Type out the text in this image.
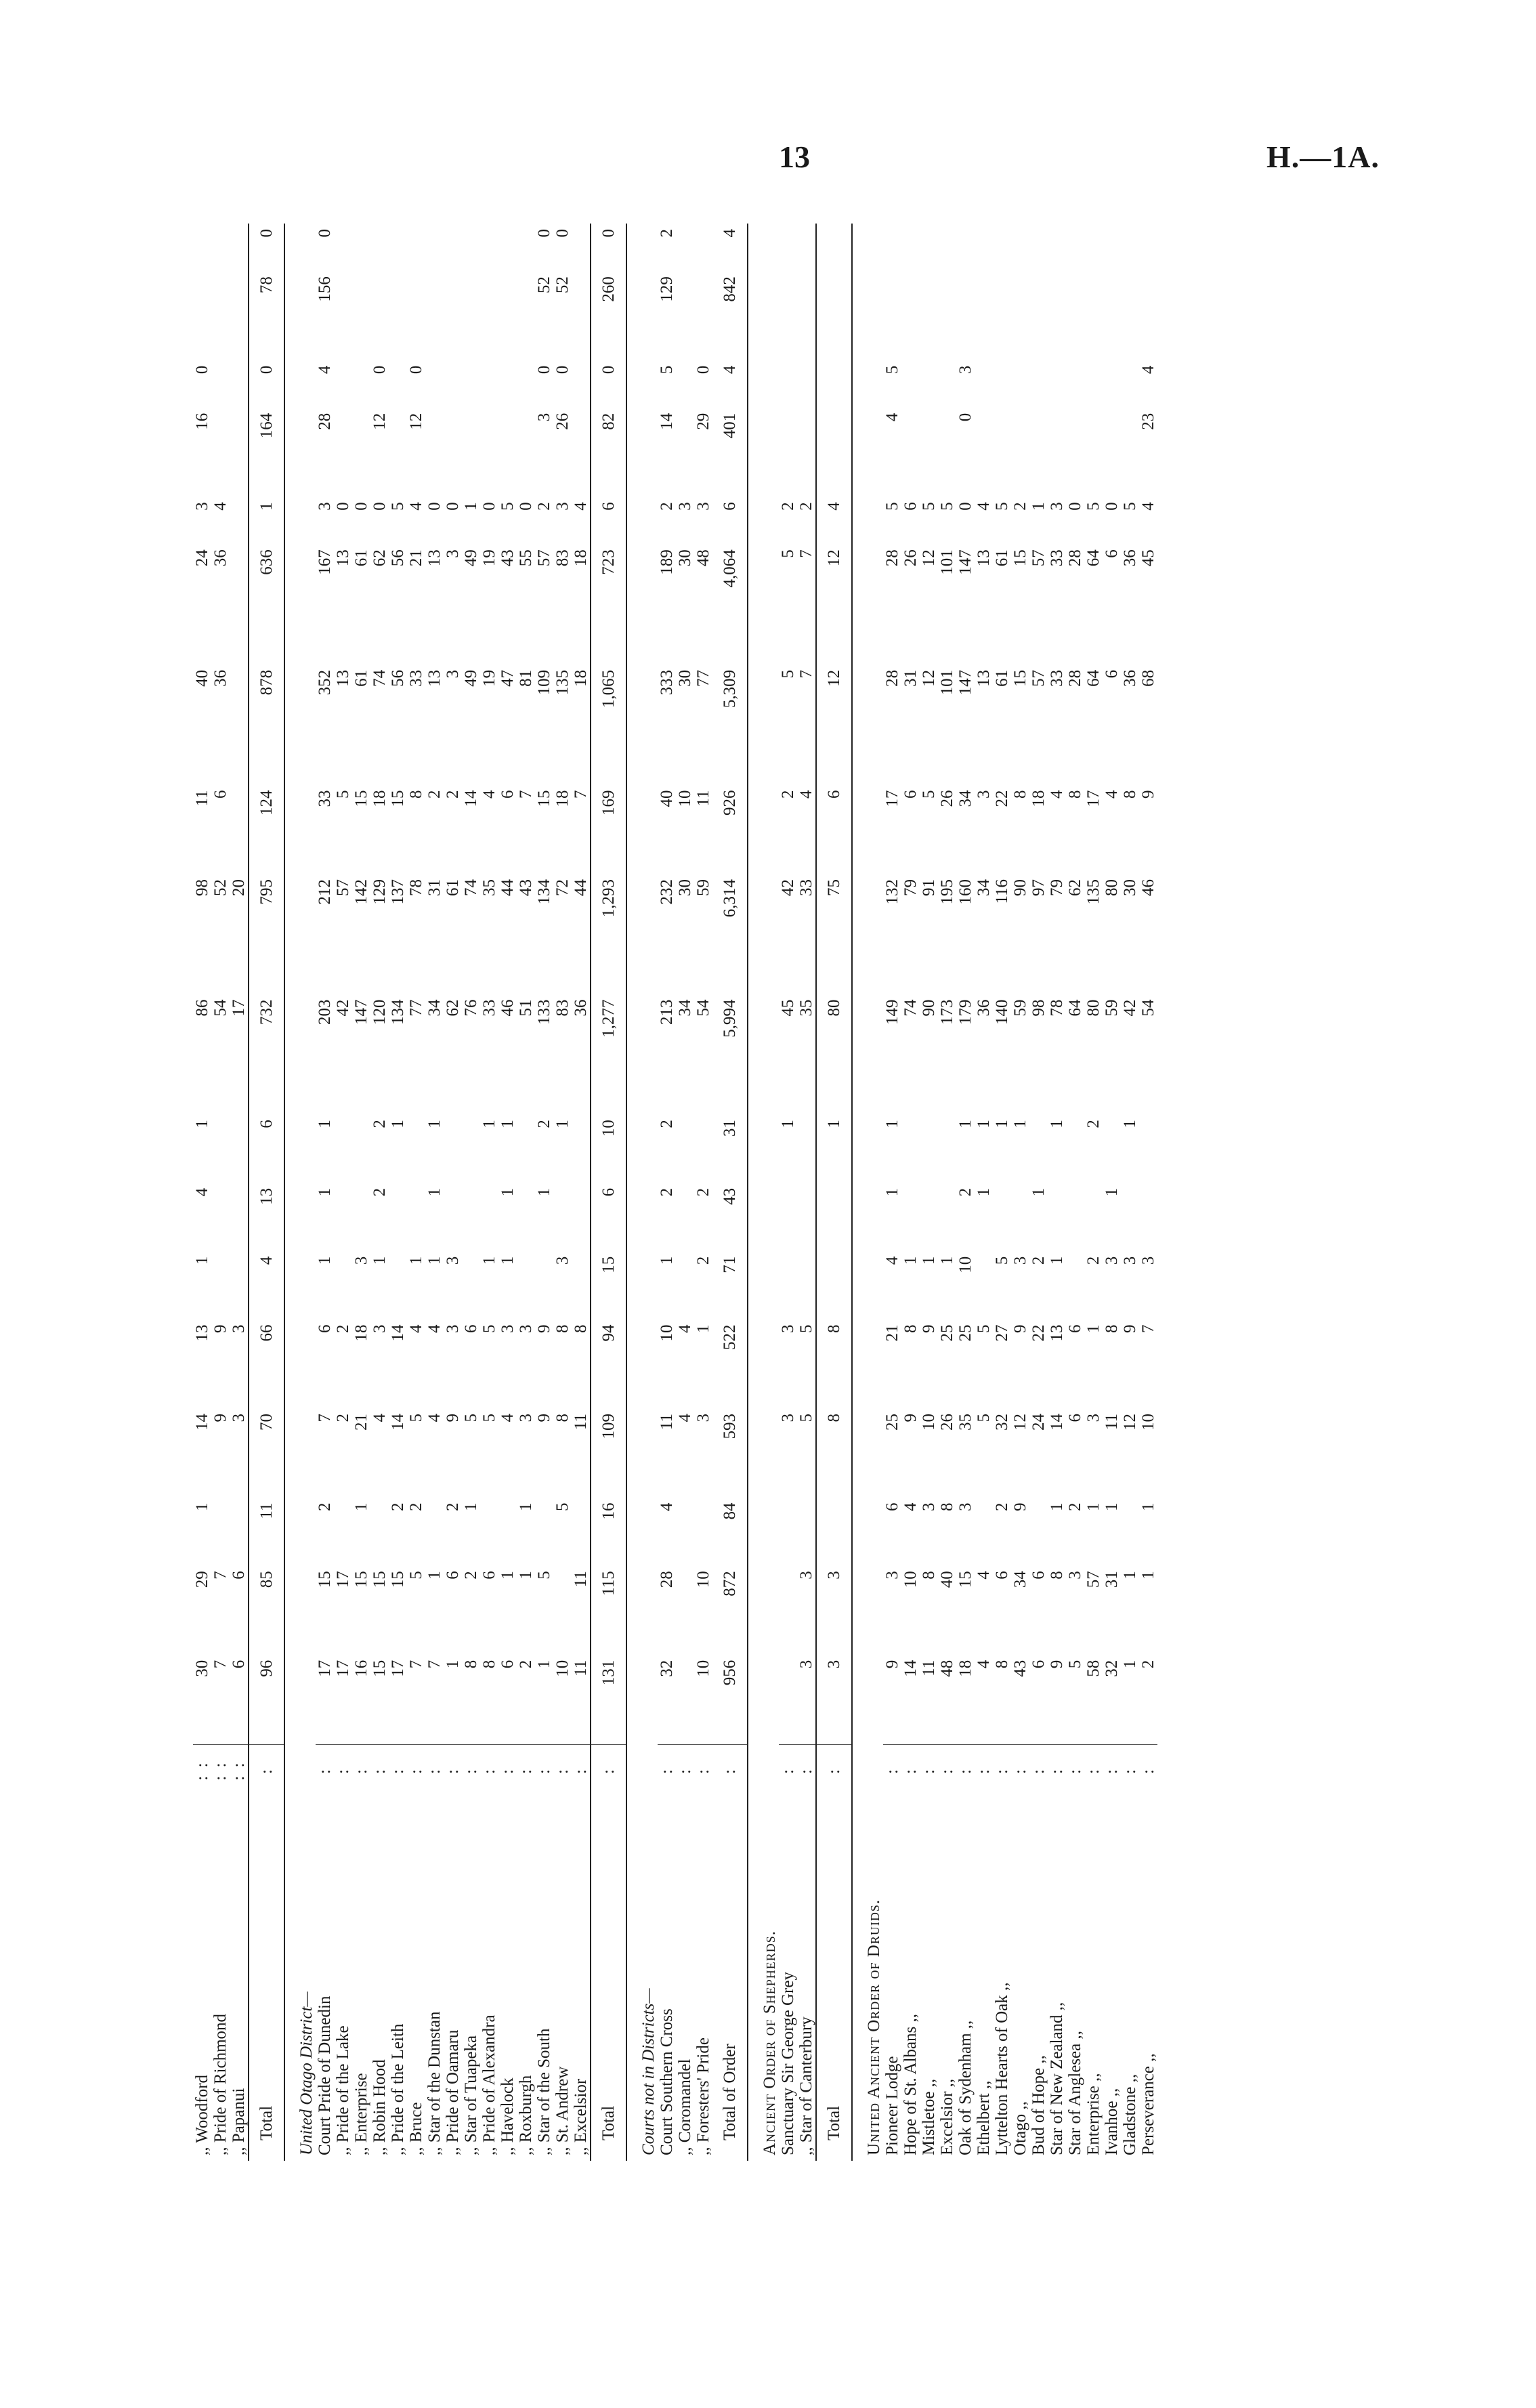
13	H.—1A.
,, Woodford	: :	30	29	1	14	13	1	4	1	86	98	11	40	24	3	16	0		
,, Pride of Richmond	: :	7	7		9	9				54	52	6	36	36	4				
,, Papanui	: :	6	6		3	3				17	20								
Total	:	96	85	11	70	66	4	13	6	732	795	124	878	636	1	164	0	78	0
United Otago District—																			
Court Pride of Dunedin	:	17	15	2	7	6	1	1	1	203	212	33	352	167	3	28	4	156	0
,, Pride of the Lake	:	17	17		2	2				42	57	5	13	13	0				
,, Enterprise	:	16	15	1	21	18	3			147	142	15	61	61	0				
,, Robin Hood	:	15	15		4	3	1	2	2	120	129	18	74	62	0	12	0		
,, Pride of the Leith	:	17	15	2	14	14			1	134	137	15	56	56	5				
,, Bruce	:	7	5	2	5	4	1			77	78	8	33	21	4	12	0		
,, Star of the Dunstan	:	7	1		4	4	1	1	1	34	31	2	13	13	0				
,, Pride of Oamaru	:	1	6	2	9	3	3			62	61	2	3	3	0				
,, Star of Tuapeka	:	8	2	1	5	6				76	74	14	49	49	1				
,, Pride of Alexandra	:	8	6		5	5	1		1	33	35	4	19	19	0				
,, Havelock	:	6	1		4	3	1	1	1	46	44	6	47	43	5				
,, Roxburgh	:	2	1	1	3	3				51	43	7	81	55	0				
,, Star of the South	:	1	5		9	9		1	2	133	134	15	109	57	2	3	0	52	0
,, St. Andrew	:	10		5	8	8	3		1	83	72	18	135	83	3	26	0	52	0
,, Excelsior	:	11	11		11	8				36	44	7	18	18	4				
Total	:	131	115	16	109	94	15	6	10	1,277	1,293	169	1,065	723	6	82	0	260	0
Courts not in Districts—																			
Court Southern Cross	:	32	28	4	11	10	1	2	2	213	232	40	333	189	2	14	5	129	2
,, Coromandel	:				4	4				34	30	10	30	30	3				
,, Foresters' Pride	:	10	10		3	1	2	2		54	59	11	77	48	3	29	0		
Total of Order	:	956	872	84	593	522	71	43	31	5,994	6,314	926	5,309	4,064	6	401	4	842	4
Ancient Order of Shepherds.																			
Sanctuary Sir George Grey	:				3	3			1	45	42	2	5	5	2				
,, Star of Canterbury	:	3	3		5	5				35	33	4	7	7	2				
Total	:	3	3		8	8			1	80	75	6	12	12	4				
United Ancient Order of Druids.																			
Pioneer Lodge	:	9	3	6	25	21	4	1	1	149	132	17	28	28	5	4	5		
Hope of St. Albans ,,	:	14	10	4	9	8	1			74	79	6	31	26	6				
Mistletoe ,,	:	11	8	3	10	9	1			90	91	5	12	12	5				
Excelsior ,,	:	48	40	8	26	25	1			173	195	26	101	101	5				
Oak of Sydenham ,,	:	18	15	3	35	25	10	2	1	179	160	34	147	147	0	0	3		
Ethelbert ,,	:	4	4		5	5		1	1	36	34	3	13	13	4				
Lyttelton Hearts of Oak ,,	:	8	6	2	32	27	5		1	140	116	22	61	61	5				
Otago ,,	:	43	34	9	12	9	3		1	59	90	8	15	15	2				
Bud of Hope ,,	:	6	6		24	22	2	1		98	97	18	57	57	1				
Star of New Zealand ,,	:	9	8	1	14	13	1		1	78	79	4	33	33	3				
Star of Anglesea ,,	:	5	3	2	6	6				64	62	8	28	28	0				
Enterprise ,,	:	58	57	1	3	1	2		2	80	135	17	64	64	5				
Ivanhoe ,,	:	32	31	1	11	8	3	1		59	80	4	6	6	0				
Gladstone ,,	:	1	1		12	9	3		1	42	30	8	36	36	5				
Perseverance ,,	:	2	1	1	10	7	3			54	46	9	68	45	4	23	4		
